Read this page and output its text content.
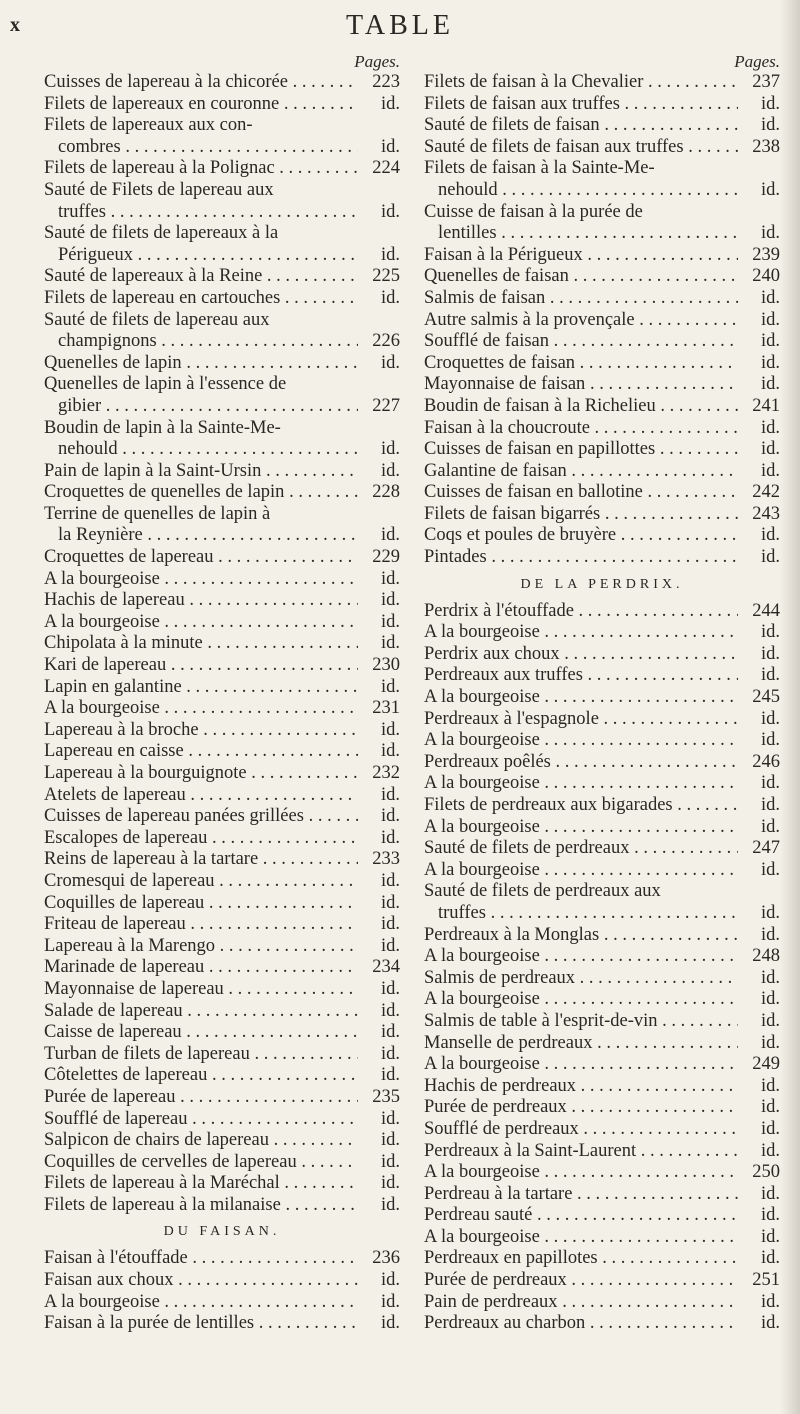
x	TABLE
Pages.
Cuisses de lapereau à la chicorée . . .	223
Filets de lapereaux en couronne . . .	id.
Filets de lapereaux aux con-
combres . . .	id.
Filets de lapereau à la Polignac . . .	224
Sauté de Filets de lapereau aux
truffes . . .	id.
Sauté de filets de lapereaux à la
Périgueux . . .	id.
Sauté de lapereaux à la Reine . . .	225
Filets de lapereau en cartouches . . .	id.
Sauté de filets de lapereau aux
champignons . . .	226
Quenelles de lapin . . .	id.
Quenelles de lapin à l'essence de
gibier . . .	227
Boudin de lapin à la Sainte-Me-
nehould . . .	id.
Pain de lapin à la Saint-Ursin . . .	id.
Croquettes de quenelles de lapin . . .	228
Terrine de quenelles de lapin à
la Reynière . . .	id.
Croquettes de lapereau . . .	229
A la bourgeoise . . .	id.
Hachis de lapereau . . .	id.
A la bourgeoise . . .	id.
Chipolata à la minute . . .	id.
Kari de lapereau . . .	230
Lapin en galantine . . .	id.
A la bourgeoise . . .	231
Lapereau à la broche . . .	id.
Lapereau en caisse . . .	id.
Lapereau à la bourguignote . . .	232
Atelets de lapereau . . .	id.
Cuisses de lapereau panées grillées . . .	id.
Escalopes de lapereau . . .	id.
Reins de lapereau à la tartare . . .	233
Cromesqui de lapereau . . .	id.
Coquilles de lapereau . . .	id.
Friteau de lapereau . . .	id.
Lapereau à la Marengo . . .	id.
Marinade de lapereau . . .	234
Mayonnaise de lapereau . . .	id.
Salade de lapereau . . .	id.
Caisse de lapereau . . .	id.
Turban de filets de lapereau . . .	id.
Côtelettes de lapereau . . .	id.
Purée de lapereau . . .	235
Soufflé de lapereau . . .	id.
Salpicon de chairs de lapereau . . .	id.
Coquilles de cervelles de lapereau . . .	id.
Filets de lapereau à la Maréchal . . .	id.
Filets de lapereau à la milanaise . . .	id.
DU FAISAN.
Faisan à l'étouffade . . .	236
Faisan aux choux . . .	id.
A la bourgeoise . . .	id.
Faisan à la purée de lentilles . . .	id.
Pages.
Filets de faisan à la Chevalier . . .	237
Filets de faisan aux truffes . . .	id.
Sauté de filets de faisan . . .	id.
Sauté de filets de faisan aux truffes . . .	238
Filets de faisan à la Sainte-Me-
nehould . . .	id.
Cuisse de faisan à la purée de
lentilles . . .	id.
Faisan à la Périgueux . . .	239
Quenelles de faisan . . .	240
Salmis de faisan . . .	id.
Autre salmis à la provençale . . .	id.
Soufflé de faisan . . .	id.
Croquettes de faisan . . .	id.
Mayonnaise de faisan . . .	id.
Boudin de faisan à la Richelieu . . .	241
Faisan à la choucroute . . .	id.
Cuisses de faisan en papillottes . . .	id.
Galantine de faisan . . .	id.
Cuisses de faisan en ballotine . . .	242
Filets de faisan bigarrés . . .	243
Coqs et poules de bruyère . . .	id.
Pintades . . .	id.
DE LA PERDRIX.
Perdrix à l'étouffade . . .	244
A la bourgeoise . . .	id.
Perdrix aux choux . . .	id.
Perdreaux aux truffes . . .	id.
A la bourgeoise . . .	245
Perdreaux à l'espagnole . . .	id.
A la bourgeoise . . .	id.
Perdreaux poêlés . . .	246
A la bourgeoise . . .	id.
Filets de perdreaux aux bigarades . . .	id.
A la bourgeoise . . .	id.
Sauté de filets de perdreaux . . .	247
A la bourgeoise . . .	id.
Sauté de filets de perdreaux aux
truffes . . .	id.
Perdreaux à la Monglas . . .	id.
A la bourgeoise . . .	248
Salmis de perdreaux . . .	id.
A la bourgeoise . . .	id.
Salmis de table à l'esprit-de-vin . . .	id.
Manselle de perdreaux . . .	id.
A la bourgeoise . . .	249
Hachis de perdreaux . . .	id.
Purée de perdreaux . . .	id.
Soufflé de perdreaux . . .	id.
Perdreaux à la Saint-Laurent . . .	id.
A la bourgeoise . . .	250
Perdreau à la tartare . . .	id.
Perdreau sauté . . .	id.
A la bourgeoise . . .	id.
Perdreaux en papillotes . . .	id.
Purée de perdreaux . . .	251
Pain de perdreaux . . .	id.
Perdreaux au charbon . . .	id.
